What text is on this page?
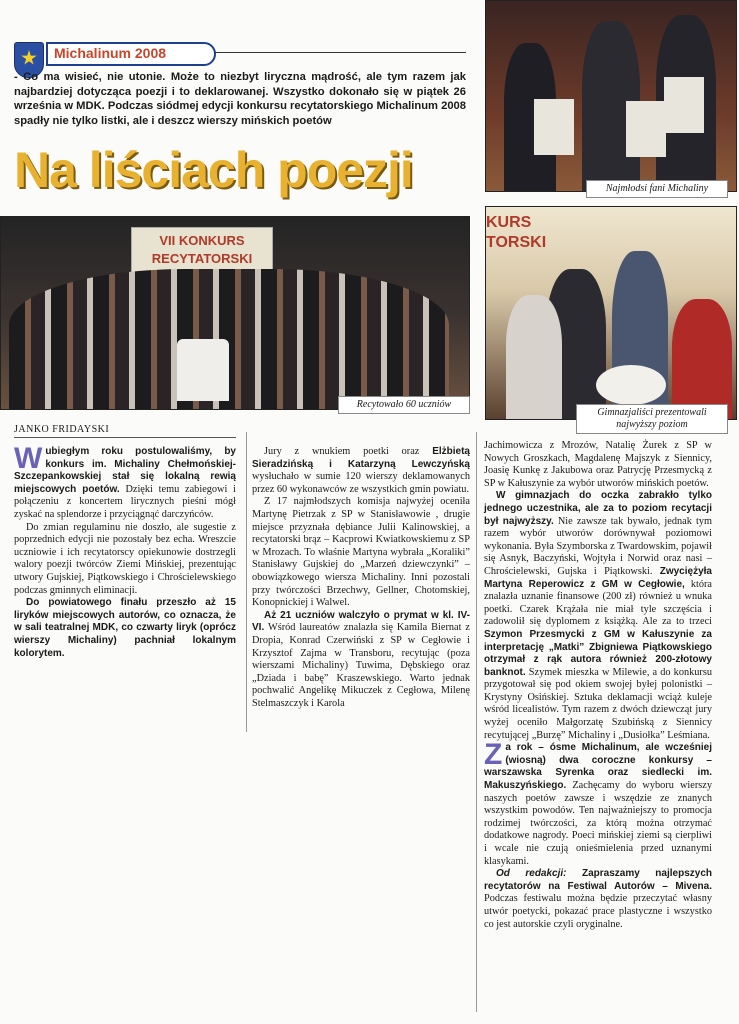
Michalinum 2008
- Co ma wisieć, nie utonie. Może to niezbyt liryczna mądrość, ale tym razem jak najbardziej dotycząca poezji i to deklarowanej. Wszystko dokonało się w piątek 26 września w MDK. Podczas siódmej edycji konkursu recytatorskiego Michalinum 2008 spadły nie tylko listki, ale i deszcz wierszy mińskich poetów
Na liściach poezji	Najmłodsi fani Michaliny
VII KONKURS RECYTATORSKI
Recytowało 60 uczniów
KURS TORSKI
Gimnazjaliści prezentowali najwyższy poziom
JANKO FRIDAYSKI

Wubiegłym roku postulowaliśmy, by konkurs im. Michaliny Chełmońskiej-Szczepankowskiej stał się lokalną rewią miejscowych poetów. Dzięki temu zabiegowi i połączeniu z koncertem lirycznych pieśni mógł zyskać na splendorze i przyciągnąć darczyńców.

Do zmian regulaminu nie doszło, ale sugestie z poprzednich edycji nie pozostały bez echa. Wreszcie uczniowie i ich recytatorscy opiekunowie dostrzegli walory poezji twórców Ziemi Mińskiej, prezentując utwory Gujskiej, Piątkowskiego i Chrościelewskiego podczas gminnych eliminacji.

Do powiatowego finału przeszło aż 15 liryków miejscowych autorów, co oznacza, że w sali teatralnej MDK, co czwarty liryk (oprócz wierszy Michaliny) pachniał lokalnym kolorytem.

Jury z wnukiem poetki oraz Elżbietą Sieradzińską i Katarzyną Lewczyńską wysłuchało w sumie 120 wierszy deklamowanych przez 60 wykonawców ze wszystkich gmin powiatu.

Z 17 najmłodszych komisja najwyżej oceniła Martynę Pietrzak z SP w Stanisławowie , drugie miejsce przyznała dębiance Julii Kalinowskiej, a recytatorski brąz – Kacprowi Kwiatkowskiemu z SP w Mrozach. To właśnie Martyna wybrała „Koraliki” Stanisławy Gujskiej do „Marzeń dziewczynki” – obowiązkowego wiersza Michaliny. Inni pozostali przy twórczości Brzechwy, Gellner, Chotomskiej, Konopnickiej i Walwel.

Aż 21 uczniów walczyło o prymat w kl. IV-VI. Wśród laureatów znalazła się Kamila Biernat z Dropia, Konrad Czerwiński z SP w Cegłowie i Krzysztof Zajma w Transboru, recytując (poza wierszami Michaliny) Tuwima, Dębskiego oraz „Dziada i babę” Kraszewskiego. Warto jednak pochwalić Angelikę Mikuczek z Cegłowa, Milenę Stelmaszczyk i Karola

Jachimowicza z Mrozów, Natalię Żurek z SP w Nowych Groszkach, Magdalenę Majszyk z Siennicy, Joasię Kunkę z Jakubowa oraz Patrycję Przesmycką z SP w Kałuszynie za wybór utworów mińskich poetów.

W gimnazjach do oczka zabrakło tylko jednego uczestnika, ale za to poziom recytacji był najwyższy. Nie zawsze tak bywało, jednak tym razem wybór utworów dorównywał poziomowi wykonania. Była Szymborska z Twardowskim, pojawił się Asnyk, Baczyński, Wojtyła i Norwid oraz nasi – Chrościelewski, Gujska i Piątkowski. Zwyciężyła Martyna Reperowicz z GM w Cegłowie, która znalazła uznanie finansowe (200 zł) również u wnuka poetki. Czarek Krążała nie miał tyle szczęścia i zadowolił się dyplomem z książką. Ale za to trzeci Szymon Przesmycki z GM w Kałuszynie za interpretację „Matki” Zbigniewa Piątkowskiego otrzymał z rąk autora również 200-złotowy banknot. Szymek mieszka w Milewie, a do konkursu przygotował się pod okiem swojej byłej polonistki – Krystyny Osińskiej. Sztuka deklamacji wciąż kuleje wśród licealistów. Tym razem z dwóch dziewcząt jury wyżej oceniło Małgorzatę Szubińską z Siennicy recytującej „Burzę” Michaliny i „Dusiołka” Leśmiana.

Za rok – ósme Michalinum, ale wcześniej (wiosną) dwa coroczne konkursy – warszawska Syrenka oraz siedlecki im. Makuszyńskiego. Zachęcamy do wyboru wierszy naszych poetów zawsze i wszędzie ze znanych wszystkim powodów. Ten najważniejszy to promocja rodzimej twórczości, za którą można otrzymać dodatkowe nagrody. Poeci mińskiej ziemi są cierpliwi i wcale nie czują onieśmielenia przed uznanymi klasykami.

Od redakcji: Zapraszamy najlepszych recytatorów na Festiwal Autorów – Mivena. Podczas festiwalu można będzie przeczytać własny utwór poetycki, pokazać prace plastyczne i wszystko co jest autorskie czyli oryginalne.
